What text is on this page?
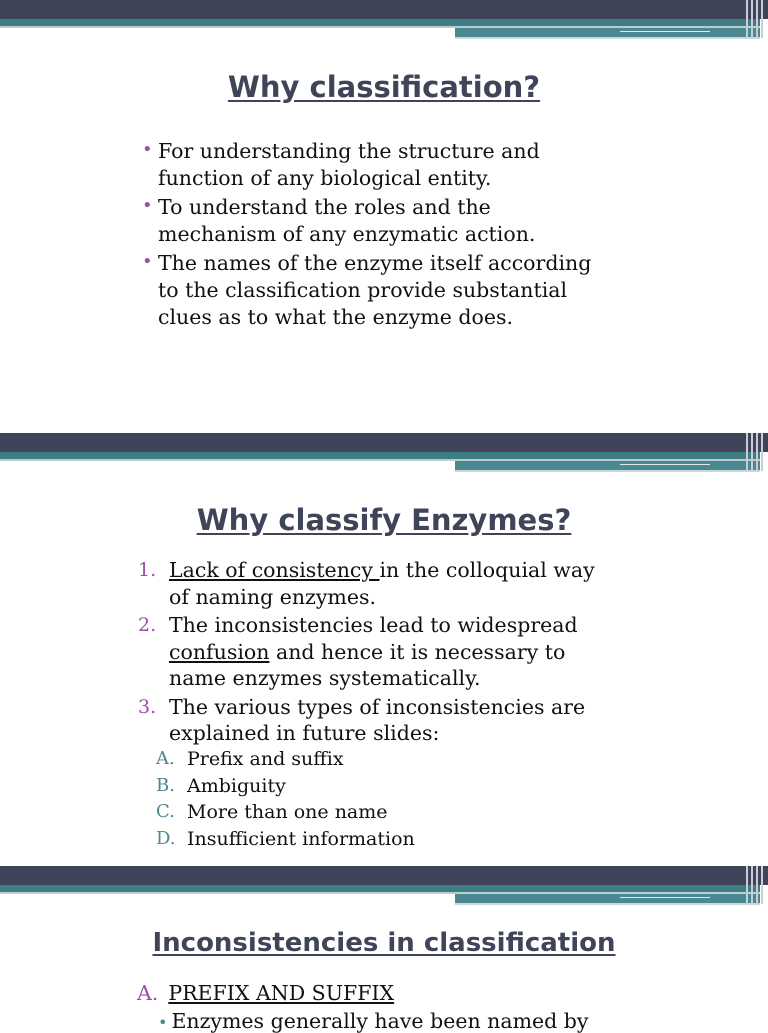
Why classification?
• For understanding the structure and
function of any biological entity.
• To understand the roles and the
mechanism of any enzymatic action.
• The names of the enzyme itself according
to the classification provide substantial
clues as to what the enzyme does.
Why classify Enzymes?
1. Lack of consistency in the colloquial way
of naming enzymes.
2. The inconsistencies lead to widespread
confusion and hence it is necessary to
name enzymes systematically.
3. The various types of inconsistencies are
explained in future slides:
A. Prefix and suffix
B. Ambiguity
C. More than one name
D. Insufficient information
Inconsistencies in classification
A. PREFIX AND SUFFIX
• Enzymes generally have been named by
